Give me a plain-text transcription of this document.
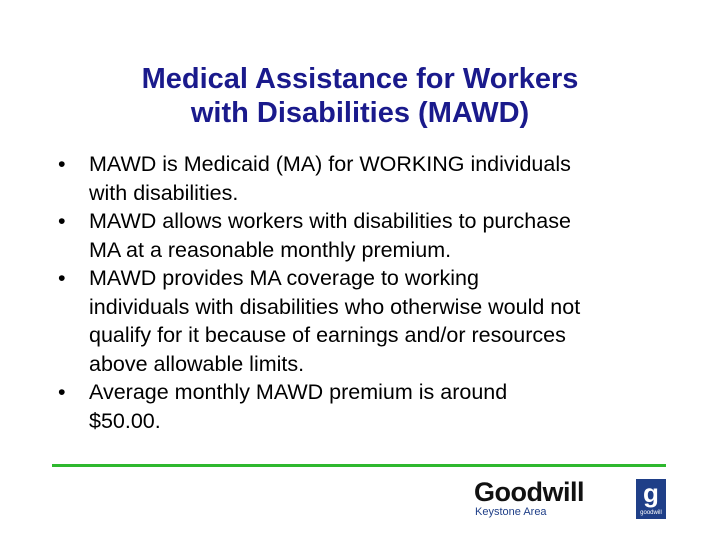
Medical Assistance for Workers
with Disabilities (MAWD)
•	MAWD is Medicaid (MA) for WORKING individuals
with disabilities.
•	MAWD allows workers with disabilities to purchase
MA at a reasonable monthly premium.
•	MAWD provides MA coverage to working
individuals with disabilities who otherwise would not
qualify for it because of earnings and/or resources
above allowable limits.
•	Average monthly MAWD premium is around
$50.00.
Goodwill
Keystone Area
g
goodwill
